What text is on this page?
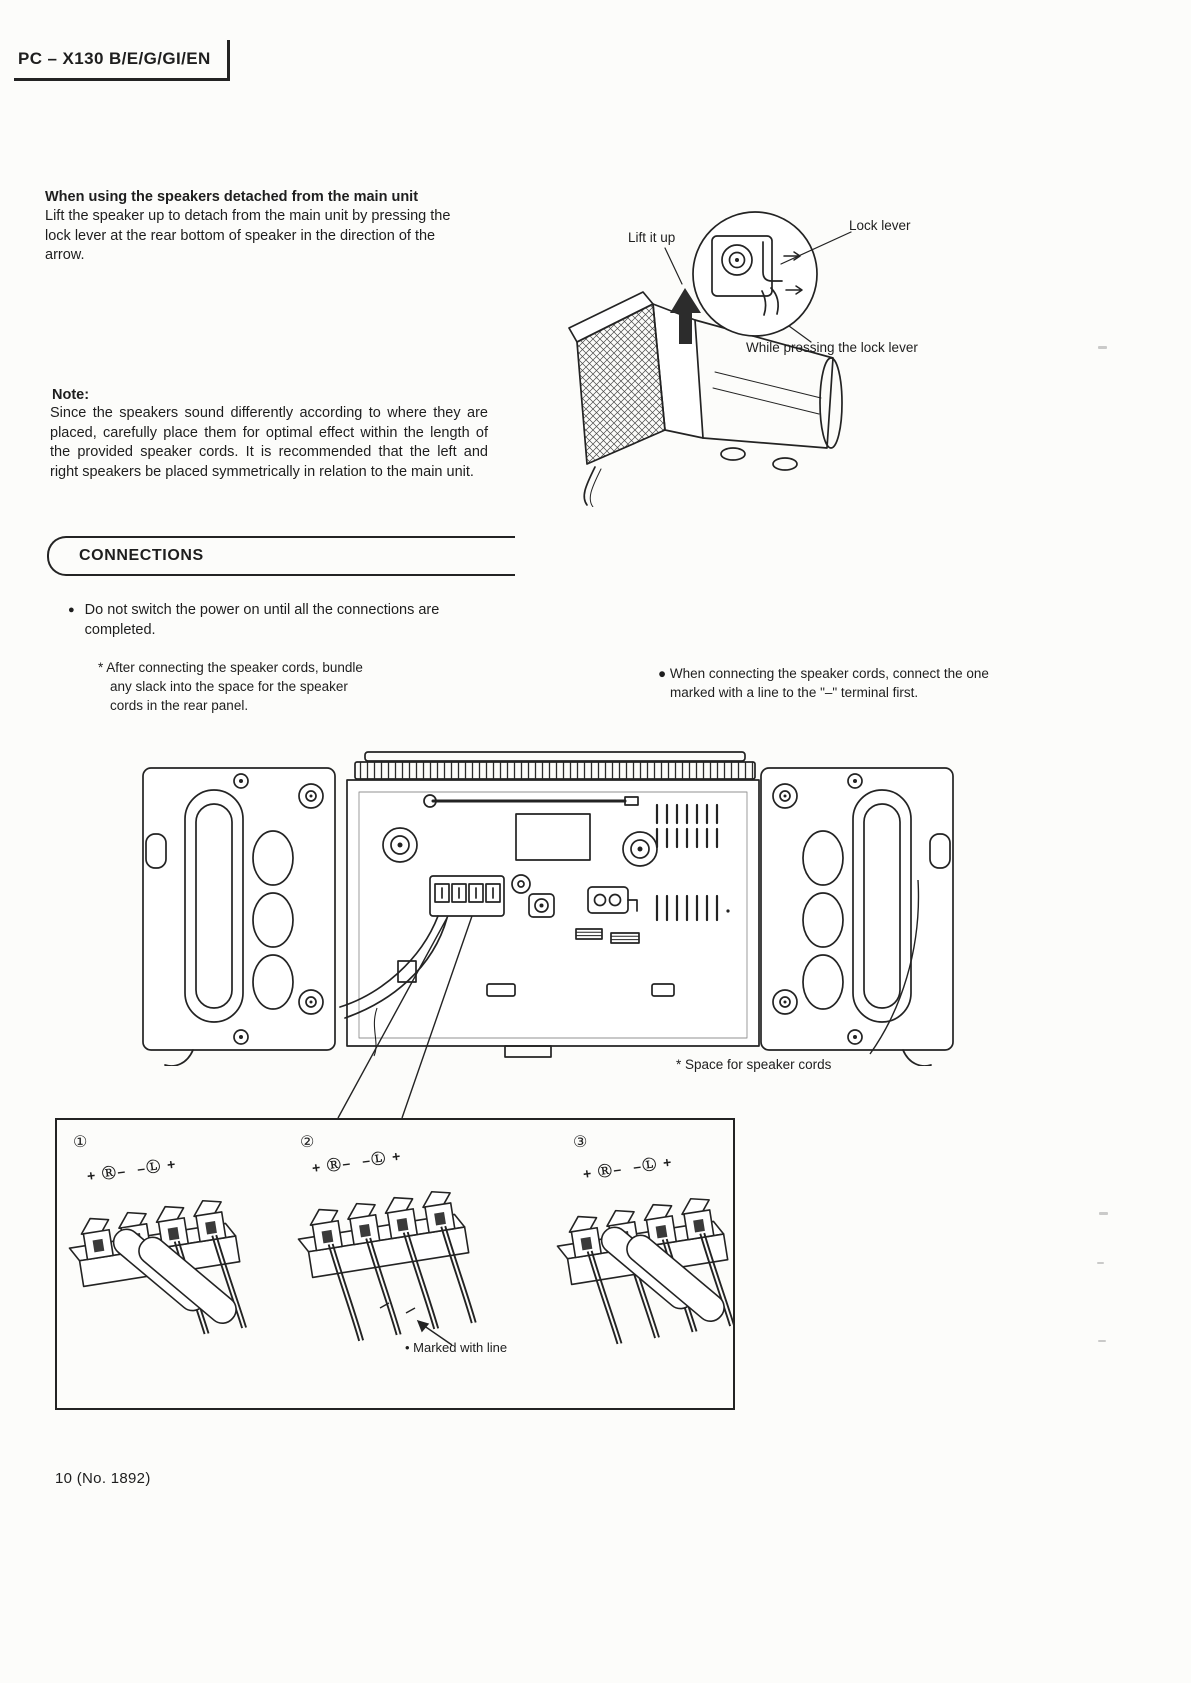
PC – X130 B/E/G/GI/EN
When using the speakers detached from the main unit
Lift the speaker up to detach from the main unit by pressing the lock lever at the rear bottom of speaker in the direction of the arrow.
Lift it up
Lock lever
While pressing the lock lever
Note:
Since the speakers sound differently according to where they are placed, carefully place them for optimal effect within the length of the provided speaker cords. It is recommended that the left and right speakers be placed symmetrically in relation to the main unit.
CONNECTIONS
● Do not switch the power on until all the connections are completed.
* After connecting the speaker cords, bundle any slack into the space for the speaker cords in the rear panel.
● When connecting the speaker cords, connect the one marked with a line to the "–" terminal first.
* Space for speaker cords
①	②	③
+ Ⓡ–  –Ⓛ +	+ Ⓡ–  –Ⓛ +	+ Ⓡ–  –Ⓛ +
• Marked with line
10 (No. 1892)
